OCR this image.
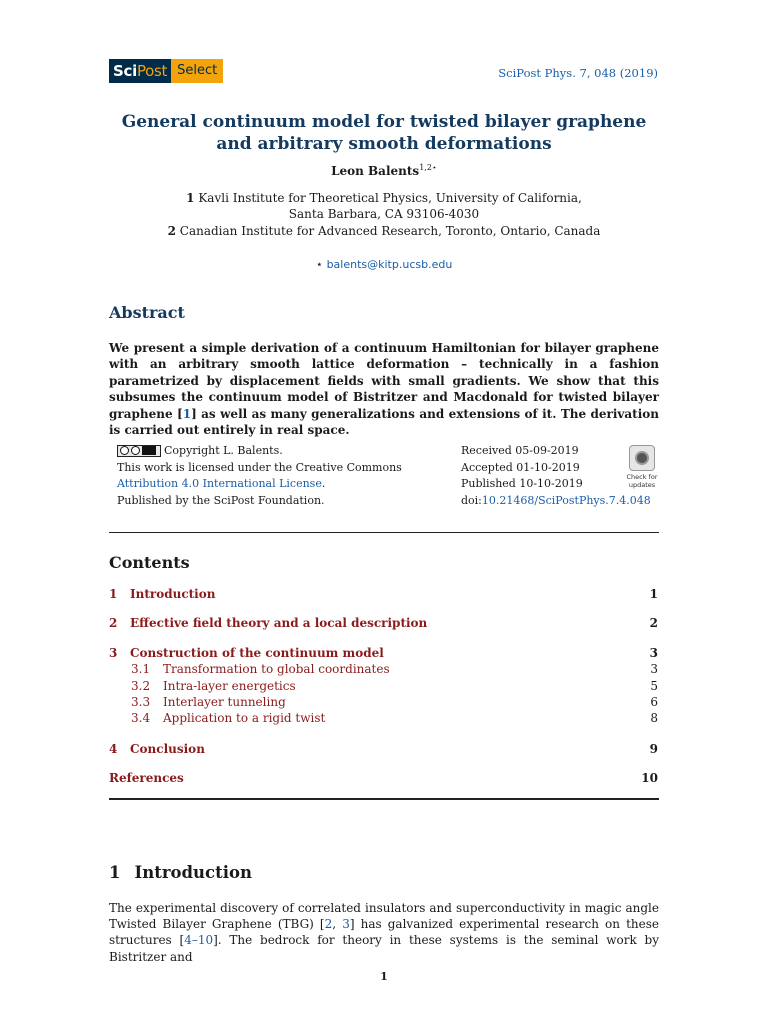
SciPost Select	SciPost Phys. 7, 048 (2019)
General continuum model for twisted bilayer graphene
and arbitrary smooth deformations
Leon Balents$^{1,2⋆}$
1 Kavli Institute for Theoretical Physics, University of California,
Santa Barbara, CA 93106-4030
2 Canadian Institute for Advanced Research, Toronto, Ontario, Canada
⋆ balents@kitp.ucsb.edu
Abstract
We present a simple derivation of a continuum Hamiltonian for bilayer graphene with an arbitrary smooth lattice deformation – technically in a fashion parametrized by displacement fields with small gradients. We show that this subsumes the continuum model of Bistritzer and Macdonald for twisted bilayer graphene [1] as well as many generalizations and extensions of it. The derivation is carried out entirely in real space.
Copyright L. Balents.
This work is licensed under the Creative Commons
Attribution 4.0 International License.
Published by the SciPost Foundation.
Received 05-09-2019
Accepted 01-10-2019
Published 10-10-2019
doi:10.21468/SciPostPhys.7.4.048
Check for
updates
Contents
1	Introduction	1
2	Effective field theory and a local description	2
3	Construction of the continuum model	3
3.1	Transformation to global coordinates	3
3.2	Intra-layer energetics	5
3.3	Interlayer tunneling	6
3.4	Application to a rigid twist	8
4	Conclusion	9
References	10
1 Introduction
The experimental discovery of correlated insulators and superconductivity in magic angle Twisted Bilayer Graphene (TBG) [2, 3] has galvanized experimental research on these structures [4–10]. The bedrock for theory in these systems is the seminal work by Bistritzer and
1
